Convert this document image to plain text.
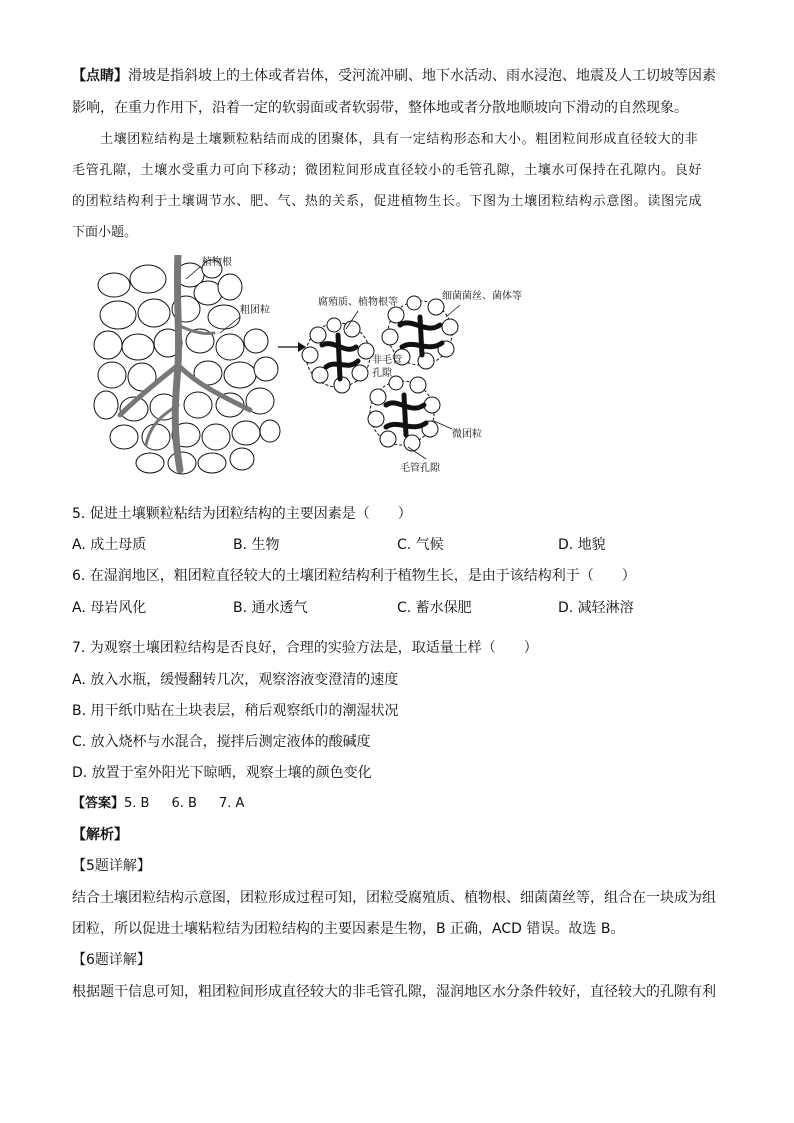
【点睛】滑坡是指斜坡上的土体或者岩体，受河流冲刷、地下水活动、雨水浸泡、地震及人工切坡等因素
影响，在重力作用下，沿着一定的软弱面或者软弱带，整体地或者分散地顺坡向下滑动的自然现象。
土壤团粒结构是土壤颗粒粘结而成的团聚体，具有一定结构形态和大小。粗团粒间形成直径较大的非
毛管孔隙，土壤水受重力可向下移动；微团粒间形成直径较小的毛管孔隙，土壤水可保持在孔隙内。良好
的团粒结构利于土壤调节水、肥、气、热的关系，促进植物生长。下图为土壤团粒结构示意图。读图完成
下面小题。
植物根
粗团粒
腐殖质、植物根等
细菌菌丝、菌体等
非毛管
孔隙
微团粒
毛管孔隙
5. 促进土壤颗粒粘结为团粒结构的主要因素是（　　）
A. 成土母质	B. 生物	C. 气候	D. 地貌
6. 在湿润地区，粗团粒直径较大的土壤团粒结构利于植物生长，是由于该结构利于（　　）
A. 母岩风化	B. 通水透气	C. 蓄水保肥	D. 减轻淋溶
7. 为观察土壤团粒结构是否良好，合理的实验方法是，取适量土样（　　）
A. 放入水瓶，缓慢翻转几次，观察溶液变澄清的速度
B. 用干纸巾贴在土块表层，稍后观察纸巾的潮湿状况
C. 放入烧杯与水混合，搅拌后测定液体的酸碱度
D. 放置于室外阳光下晾晒，观察土壤的颜色变化
【答案】5. B 6. B 7. A
【解析】
【5题详解】
结合土壤团粒结构示意图，团粒形成过程可知，团粒受腐殖质、植物根、细菌菌丝等，组合在一块成为组
团粒，所以促进土壤粘粒结为团粒结构的主要因素是生物，B 正确，ACD 错误。故选 B。
【6题详解】
根据题干信息可知，粗团粒间形成直径较大的非毛管孔隙，湿润地区水分条件较好，直径较大的孔隙有利
